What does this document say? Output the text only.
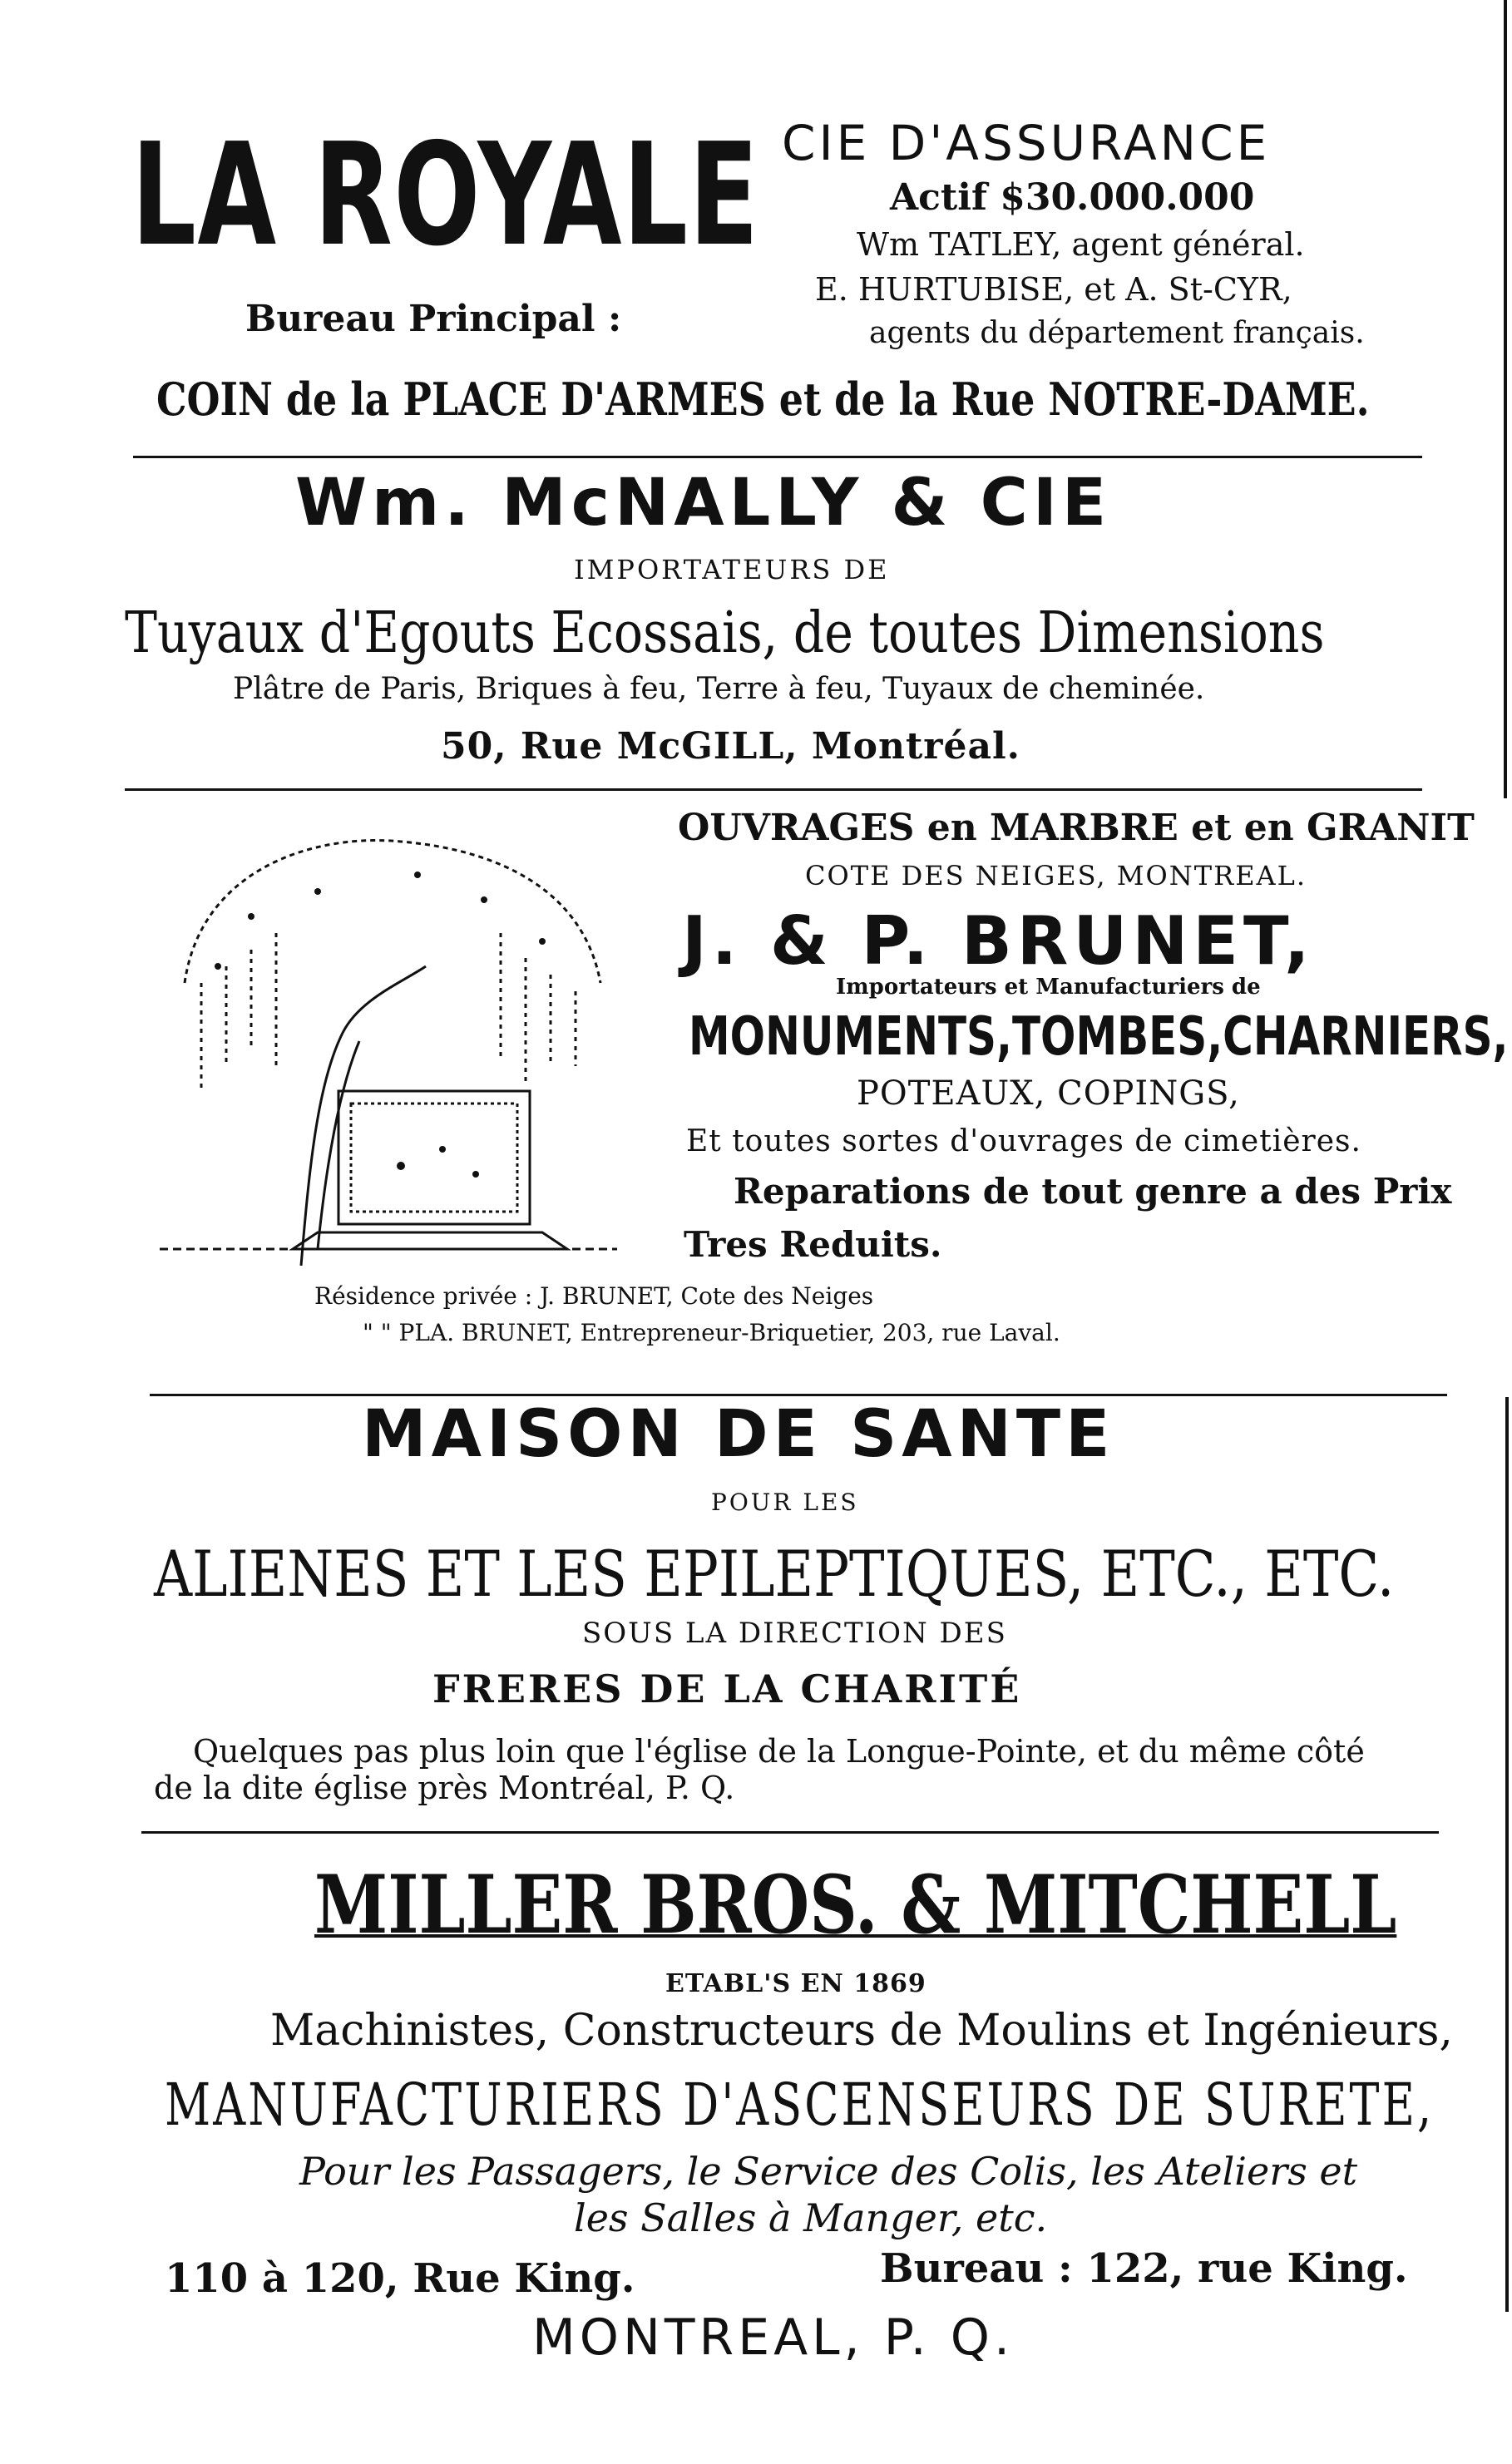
LA ROYALE CIE D'ASSURANCE
Actif $30.000.000
Wm TATLEY, agent général.
E. HURTUBISE, et A. St-CYR,
agents du département français.
Bureau Principal :
COIN de la PLACE D'ARMES et de la Rue NOTRE-DAME.
Wm. McNALLY & CIE
IMPORTATEURS DE
Tuyaux d'Egouts Ecossais, de toutes Dimensions
Plâtre de Paris, Briques à feu, Terre à feu, Tuyaux de cheminée.
50, Rue McGILL, Montréal.
OUVRAGES en MARBRE et en GRANIT
COTE DES NEIGES, MONTREAL.
J. & P. BRUNET,
Importateurs et Manufacturiers de
MONUMENTS,TOMBES,CHARNIERS,
POTEAUX, COPINGS,
Et toutes sortes d'ouvrages de cimetières.
Reparations de tout genre a des Prix
Tres Reduits.
Résidence privée : J. BRUNET, Cote des Neiges
" " PLA. BRUNET, Entrepreneur-Briquetier, 203, rue Laval.
MAISON DE SANTE
POUR LES
ALIENES ET LES EPILEPTIQUES, ETC., ETC.
SOUS LA DIRECTION DES
FRERES DE LA CHARITÉ
Quelques pas plus loin que l'église de la Longue-Pointe, et du même côté
de la dite église près Montréal, P. Q.
MILLER BROS. & MITCHELL
ETABL'S EN 1869
Machinistes, Constructeurs de Moulins et Ingénieurs,
MANUFACTURIERS D'ASCENSEURS DE SURETE,
Pour les Passagers, le Service des Colis, les Ateliers et
les Salles à Manger, etc.
110 à 120, Rue King.	Bureau : 122, rue King.
MONTREAL, P. Q.
